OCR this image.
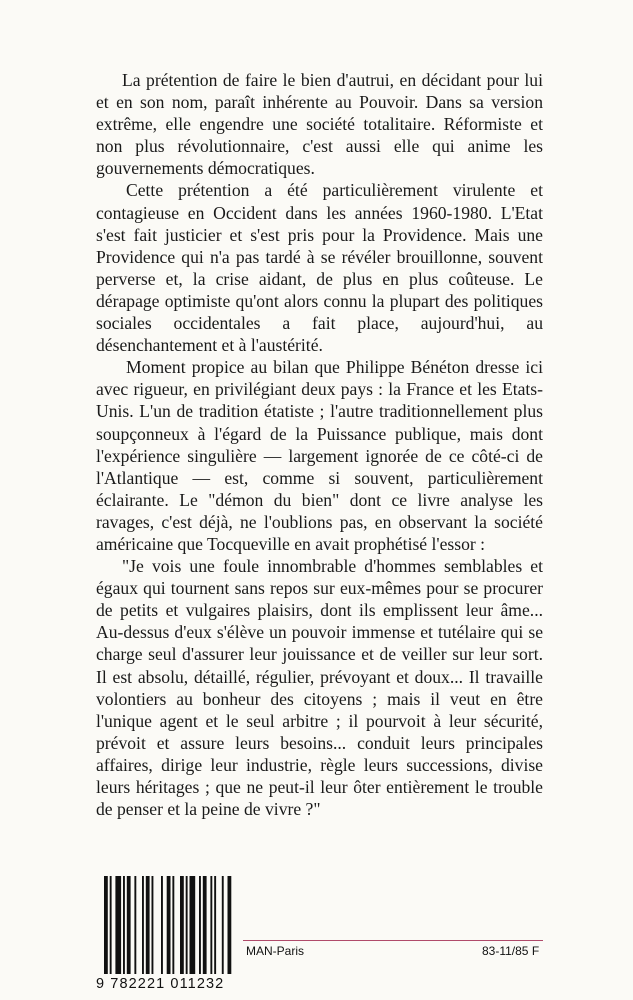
La prétention de faire le bien d'autrui, en décidant pour lui et en son nom, paraît inhérente au Pouvoir. Dans sa version extrême, elle engendre une société totalitaire. Réformiste et non plus révolutionnaire, c'est aussi elle qui anime les gouvernements démocratiques.

Cette prétention a été particulièrement virulente et contagieuse en Occident dans les années 1960-1980. L'Etat s'est fait justicier et s'est pris pour la Providence. Mais une Providence qui n'a pas tardé à se révéler brouillonne, souvent perverse et, la crise aidant, de plus en plus coûteuse. Le dérapage optimiste qu'ont alors connu la plupart des politiques sociales occidentales a fait place, aujourd'hui, au désenchantement et à l'austérité.

Moment propice au bilan que Philippe Bénéton dresse ici avec rigueur, en privilégiant deux pays : la France et les Etats-Unis. L'un de tradition étatiste ; l'autre traditionnellement plus soupçonneux à l'égard de la Puissance publique, mais dont l'expérience singulière — largement ignorée de ce côté-ci de l'Atlantique — est, comme si souvent, particulièrement éclairante. Le "démon du bien" dont ce livre analyse les ravages, c'est déjà, ne l'oublions pas, en observant la société américaine que Tocqueville en avait prophétisé l'essor :

"Je vois une foule innombrable d'hommes semblables et égaux qui tournent sans repos sur eux-mêmes pour se procurer de petits et vulgaires plaisirs, dont ils emplissent leur âme... Au-dessus d'eux s'élève un pouvoir immense et tutélaire qui se charge seul d'assurer leur jouissance et de veiller sur leur sort. Il est absolu, détaillé, régulier, prévoyant et doux... Il travaille volontiers au bonheur des citoyens ; mais il veut en être l'unique agent et le seul arbitre ; il pourvoit à leur sécurité, prévoit et assure leurs besoins... conduit leurs principales affaires, dirige leur industrie, règle leurs successions, divise leurs héritages ; que ne peut-il leur ôter entièrement le trouble de penser et la peine de vivre ?"

9 782221 011232
MAN-Paris	83-11/85 F
